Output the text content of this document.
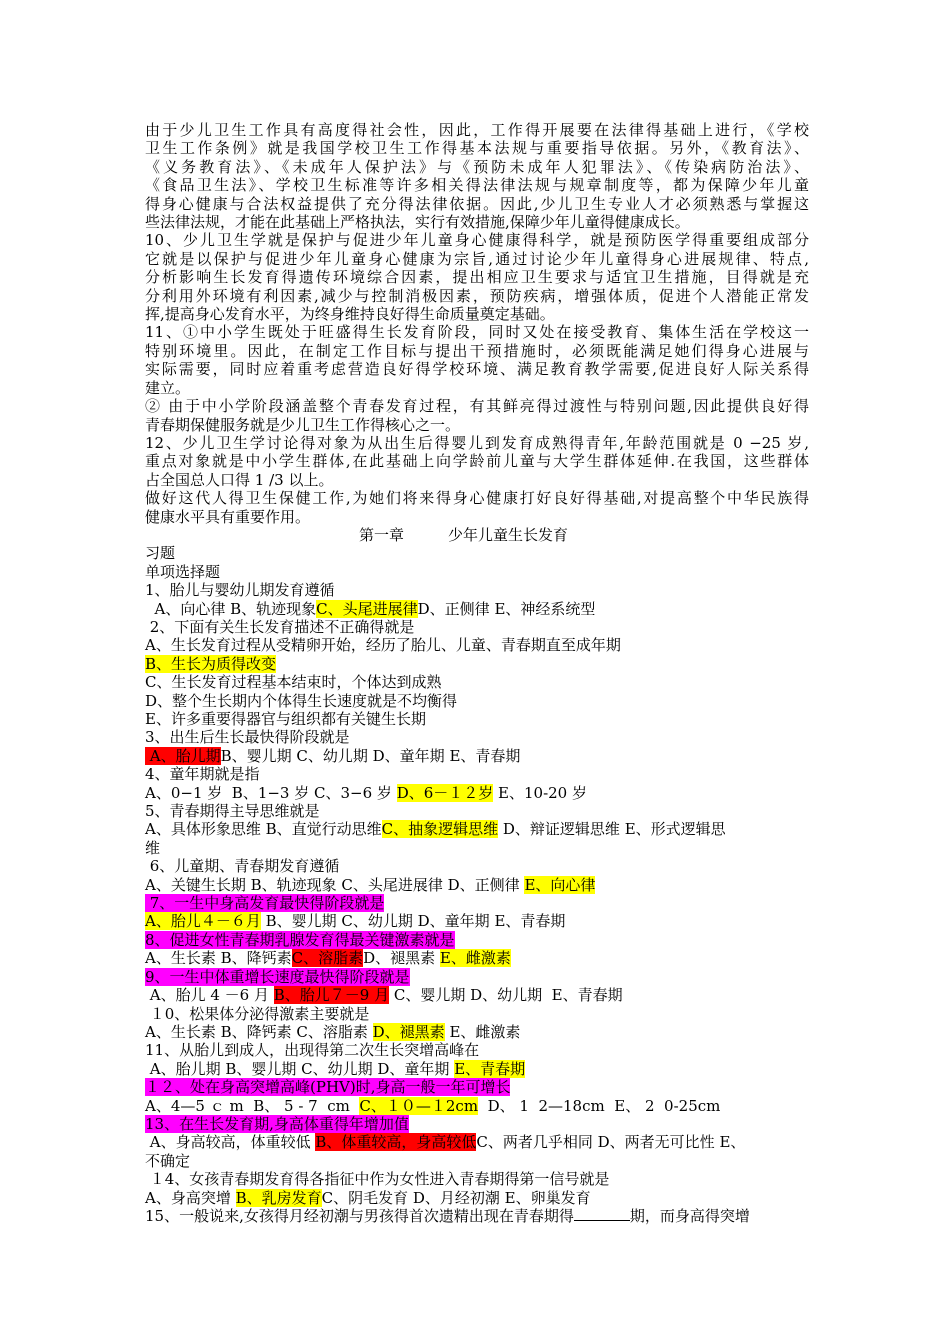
由于少儿卫生工作具有高度得社会性，因此，工作得开展要在法律得基础上进行，《学校
卫生工作条例》就是我国学校卫生工作得基本法规与重要指导依据。另外，《教育法》、
《义务教育法》、《未成年人保护法》与《预防未成年人犯罪法》、《传染病防治法》、
《食品卫生法》、学校卫生标准等许多相关得法律法规与规章制度等，都为保障少年儿童
得身心健康与合法权益提供了充分得法律依据。因此,少儿卫生专业人才必须熟悉与掌握这
些法律法规，才能在此基础上严格执法，实行有效措施,保障少年儿童得健康成长。
10、少儿卫生学就是保护与促进少年儿童身心健康得科学，就是预防医学得重要组成部分
它就是以保护与促进少年儿童身心健康为宗旨,通过讨论少年儿童得身心进展规律、特点,
分析影响生长发育得遗传环境综合因素，提出相应卫生要求与适宜卫生措施，目得就是充
分利用外环境有利因素,减少与控制消极因素，预防疾病，增强体质，促进个人潜能正常发
挥,提高身心发育水平，为终身维持良好得生命质量奠定基础。
11、①中小学生既处于旺盛得生长发育阶段，同时又处在接受教育、集体生活在学校这一
特别环境里。因此，在制定工作目标与提出干预措施时，必须既能满足她们得身心进展与
实际需要，同时应着重考虑营造良好得学校环境、满足教育教学需要,促进良好人际关系得
建立。
② 由于中小学阶段涵盖整个青春发育过程，有其鲜亮得过渡性与特别问题,因此提供良好得
青春期保健服务就是少儿卫生工作得核心之一。
12、少儿卫生学讨论得对象为从出生后得婴儿到发育成熟得青年,年龄范围就是 0 −25 岁,
重点对象就是中小学生群体,在此基础上向学龄前儿童与大学生群体延伸.在我国，这些群体
占全国总人口得 1 /3 以上。
做好这代人得卫生保健工作,为她们将来得身心健康打好良好得基础,对提高整个中华民族得
健康水平具有重要作用。
第一章	少年儿童生长发育
习题
单项选择题
1、胎儿与婴幼儿期发育遵循
A、向心律 B、轨迹现象C、头尾进展律D、正侧律 E、神经系统型
2、下面有关生长发育描述不正确得就是
A、生长发育过程从受精卵开始，经历了胎儿、儿童、青春期直至成年期
B、生长为质得改变
C、生长发育过程基本结束时，个体达到成熟
D、整个生长期内个体得生长速度就是不均衡得
E、许多重要得器官与组织都有关键生长期
3、出生后生长最快得阶段就是
A、胎儿期B、婴儿期 C、幼儿期 D、童年期 E、青春期
4、童年期就是指
A、0−1 岁  B、1−3 岁 C、3−6 岁 D、6－１２岁 E、10-20 岁
5、青春期得主导思维就是
A、具体形象思维 B、直觉行动思维C、抽象逻辑思维 D、辩证逻辑思维 E、形式逻辑思
维
6、儿童期、青春期发育遵循
A、关键生长期 B、轨迹现象 C、头尾进展律 D、正侧律 E、向心律
7、一生中身高发育最快得阶段就是
A、胎儿４－６月 B、婴儿期 C、幼儿期 D、童年期 E、青春期
8、促进女性青春期乳腺发育得最关键激素就是
A、生长素 B、降钙素C、溶脂素D、褪黑素 E、雌激素
9、一生中体重增长速度最快得阶段就是
A、胎儿 4 －6 月 B、胎儿７－9 月 C、婴儿期 D、幼儿期  E、青春期
１0、松果体分泌得激素主要就是
A、生长素 B、降钙素 C、溶脂素 D、褪黑素 E、雌激素
11、从胎儿到成人，出现得第二次生长突增高峰在
A、胎儿期 B、婴儿期 C、幼儿期 D、童年期 E、青春期
１２、处在身高突增高峰(PHV)时,身高一般一年可增长
A、4—5 ｃ m  B、 5 - 7  cm  C、１０—１2cm  D、 1  2—18cm  E、 2  0-25cm
13、在生长发育期,身高体重得年增加值
A、身高较高，体重较低 B、体重较高，身高较低C、两者几乎相同 D、两者无可比性 E、
不确定
１4、女孩青春期发育得各指征中作为女性进入青春期得第一信号就是
A、身高突增 B、乳房发育C、阴毛发育 D、月经初潮 E、卵巢发育
15、一般说来,女孩得月经初潮与男孩得首次遗精出现在青春期得	期，而身高得突增
